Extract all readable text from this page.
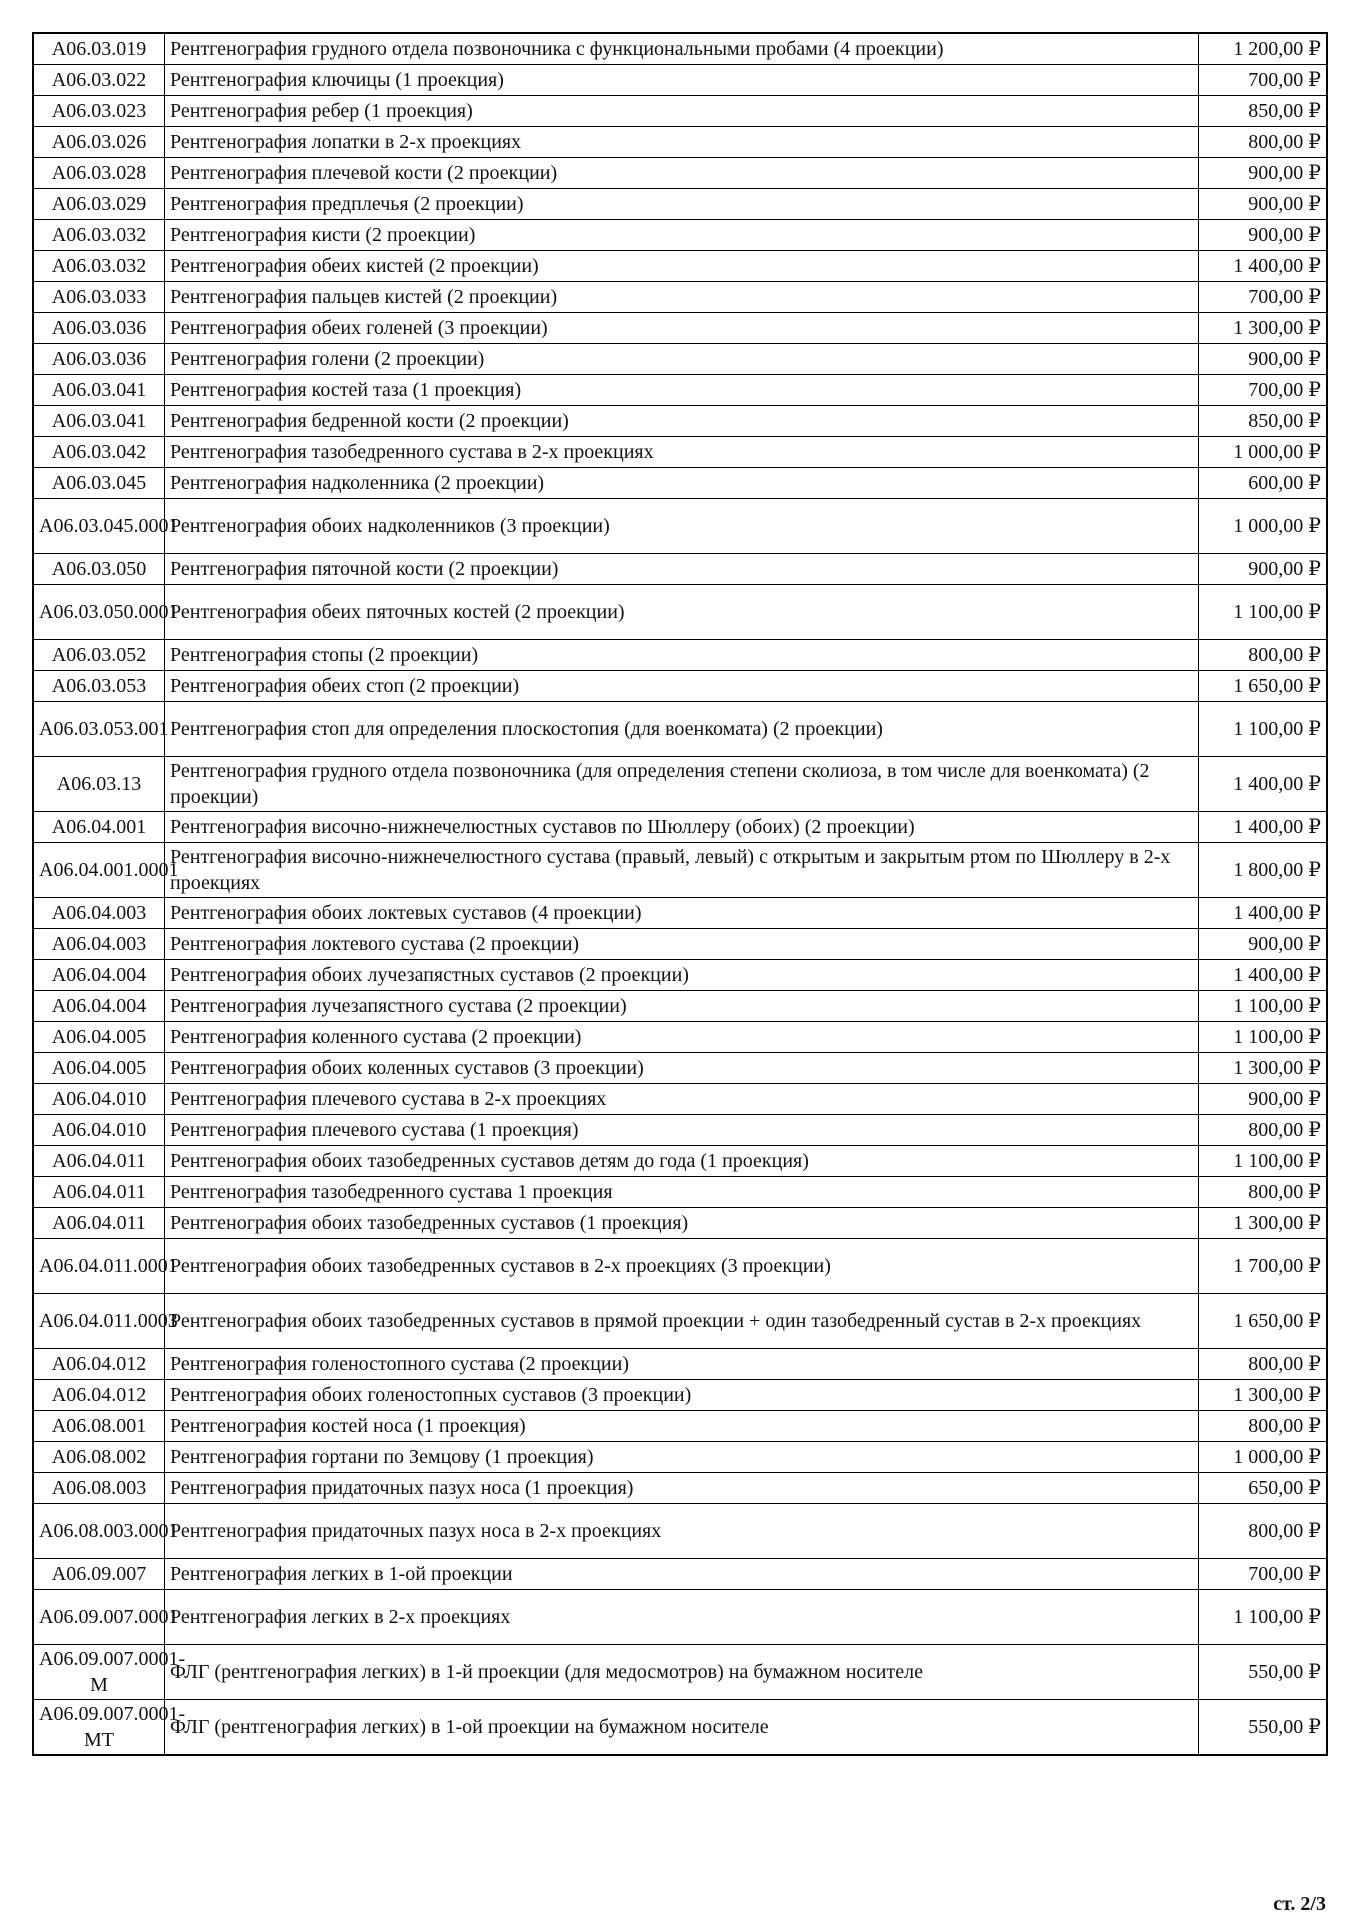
A06.03.019	Рентгенография грудного отдела позвоночника с функциональными пробами (4 проекции)	1 200,00 ₽
A06.03.022	Рентгенография ключицы (1 проекция)	700,00 ₽
A06.03.023	Рентгенография ребер (1 проекция)	850,00 ₽
A06.03.026	Рентгенография лопатки в 2-х проекциях	800,00 ₽
A06.03.028	Рентгенография плечевой кости (2 проекции)	900,00 ₽
A06.03.029	Рентгенография предплечья (2 проекции)	900,00 ₽
A06.03.032	Рентгенография кисти (2 проекции)	900,00 ₽
A06.03.032	Рентгенография обеих кистей (2 проекции)	1 400,00 ₽
A06.03.033	Рентгенография пальцев кистей (2 проекции)	700,00 ₽
A06.03.036	Рентгенография обеих голеней (3 проекции)	1 300,00 ₽
A06.03.036	Рентгенография голени (2 проекции)	900,00 ₽
A06.03.041	Рентгенография костей таза (1 проекция)	700,00 ₽
A06.03.041	Рентгенография бедренной кости (2 проекции)	850,00 ₽
A06.03.042	Рентгенография тазобедренного сустава в 2-х проекциях	1 000,00 ₽
A06.03.045	Рентгенография надколенника (2 проекции)	600,00 ₽
A06.03.045.0001	Рентгенография обоих надколенников (3 проекции)	1 000,00 ₽
A06.03.050	Рентгенография пяточной кости (2 проекции)	900,00 ₽
A06.03.050.0001	Рентгенография обеих пяточных костей (2 проекции)	1 100,00 ₽
A06.03.052	Рентгенография стопы (2 проекции)	800,00 ₽
A06.03.053	Рентгенография обеих стоп (2 проекции)	1 650,00 ₽
A06.03.053.001	Рентгенография стоп для определения плоскостопия (для военкомата) (2 проекции)	1 100,00 ₽
A06.03.13	Рентгенография грудного отдела позвоночника (для определения степени сколиоза, в том числе для военкомата) (2 проекции)	1 400,00 ₽
A06.04.001	Рентгенография височно-нижнечелюстных суставов по Шюллеру (обоих) (2 проекции)	1 400,00 ₽
A06.04.001.0001	Рентгенография височно-нижнечелюстного сустава (правый, левый) с открытым и закрытым ртом по Шюллеру в 2-х проекциях	1 800,00 ₽
A06.04.003	Рентгенография обоих локтевых суставов (4 проекции)	1 400,00 ₽
A06.04.003	Рентгенография локтевого сустава (2 проекции)	900,00 ₽
A06.04.004	Рентгенография обоих лучезапястных суставов (2 проекции)	1 400,00 ₽
A06.04.004	Рентгенография лучезапястного сустава (2 проекции)	1 100,00 ₽
A06.04.005	Рентгенография коленного сустава (2 проекции)	1 100,00 ₽
A06.04.005	Рентгенография обоих коленных суставов (3 проекции)	1 300,00 ₽
A06.04.010	Рентгенография плечевого сустава в 2-х проекциях	900,00 ₽
A06.04.010	Рентгенография плечевого сустава (1 проекция)	800,00 ₽
A06.04.011	Рентгенография обоих тазобедренных суставов детям до года (1 проекция)	1 100,00 ₽
A06.04.011	Рентгенография тазобедренного сустава 1 проекция	800,00 ₽
A06.04.011	Рентгенография обоих тазобедренных суставов (1 проекция)	1 300,00 ₽
A06.04.011.0001	Рентгенография обоих тазобедренных суставов в 2-х проекциях (3 проекции)	1 700,00 ₽
A06.04.011.0003	Рентгенография обоих тазобедренных суставов в прямой проекции + один тазобедренный сустав в 2-х проекциях	1 650,00 ₽
A06.04.012	Рентгенография голеностопного сустава (2 проекции)	800,00 ₽
A06.04.012	Рентгенография обоих голеностопных суставов (3 проекции)	1 300,00 ₽
A06.08.001	Рентгенография костей носа (1 проекция)	800,00 ₽
A06.08.002	Рентгенография гортани по Земцову (1 проекция)	1 000,00 ₽
A06.08.003	Рентгенография придаточных пазух носа (1 проекция)	650,00 ₽
A06.08.003.0001	Рентгенография придаточных пазух носа в 2-х проекциях	800,00 ₽
A06.09.007	Рентгенография легких в 1-ой проекции	700,00 ₽
A06.09.007.0001	Рентгенография легких в 2-х проекциях	1 100,00 ₽
A06.09.007.0001-M	ФЛГ (рентгенография легких) в 1-й проекции (для медосмотров) на бумажном носителе	550,00 ₽
A06.09.007.0001-MT	ФЛГ (рентгенография легких) в 1-ой проекции на бумажном носителе	550,00 ₽
ст. 2/3
